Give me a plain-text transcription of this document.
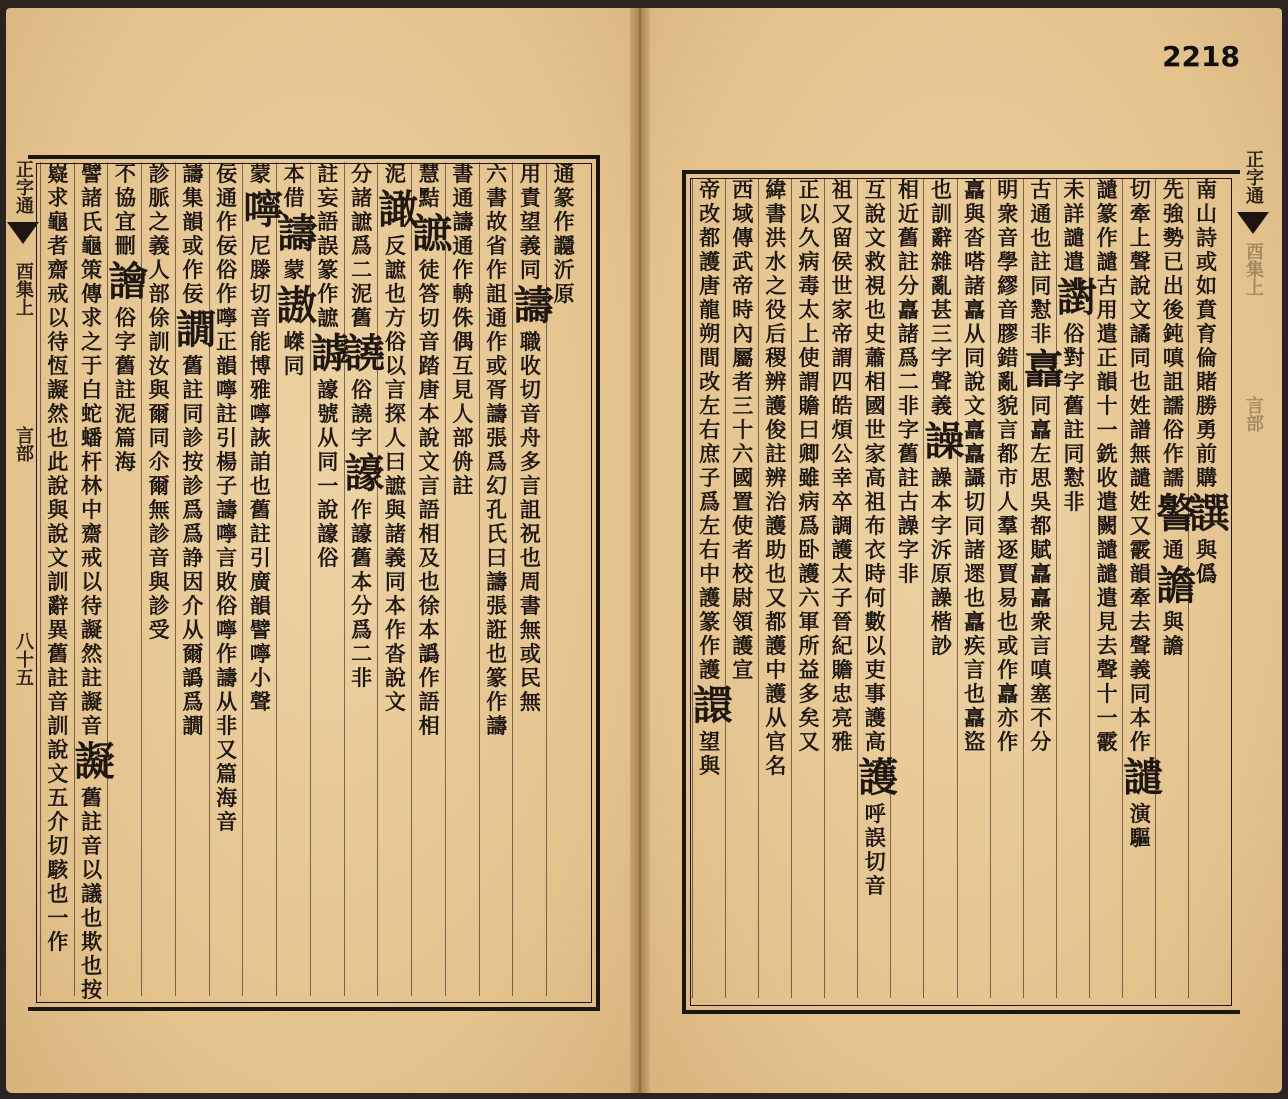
2218
正字通
酉集上
言部
八十五
通
篆
作
讔
沂
原
用
責
望
義
同
譸
職
收
切
音
舟
多
言
詛
祝
也
周
書
無
或
民
無
六
書
故
省
作
詛
通
作
或
胥
譸
張
爲
幻
孔
氏
曰
譸
張
誑
也
篆
作
譸
書
通
譸
通
作
輈
侏
偶
互
見
人
部
侜
註
慧
黠
謶
徒
答
切
音
踏
唐
本
說
文
言
語
相
及
也
徐
本
譌
作
語
相
泥
譀
反
謶
也
方
俗
以
言
探
人
曰
謶
與
諸
義
同
本
作
沓
說
文
分
諸
謶
爲
二
泥
舊
譊
俗
譊
字
譹
作
譹
舊
本
分
爲
二
非
註
妄
語
誤
篆
作
謶
謼
譹
號
从
同
一
說
譹
俗
本
借
譸
蒙
謸
嵥
同
蒙
嚀
尼
滕
切
音
能
博
雅
嚀
詼
詯
也
舊
註
引
廣
韻
譬
嚀
小
聲
佞
通
作
佞
俗
作
嚀
正
韻
嚀
註
引
楊
子
譸
嚀
言
敗
俗
嚀
作
譸
从
非
又
篇
海
音
譸
集
韻
或
作
佞
譋
舊
註
同
診
按
診
爲
爲
諍
因
介
从
爾
譌
爲
譋
診
脈
之
義
人
部
俆
訓
汝
與
爾
同
尒
爾
無
診
音
與
診
受
不
協
宜
刪
譮
俗
字
舊
註
泥
篇
海
譬
諸
氏
龜
策
傳
求
之
于
白
蛇
蟠
杆
林
中
齋
戒
以
待
譺
然
註
譺
音
譺
舊
註
音
以
議
也
欺
也
按
嶷
求
龜
者
齋
戒
以
待
恆
譺
然
也
此
說
與
說
文
訓
辭
異
舊
註
音
訓
說
文
五
介
切
駭
也
一
作
正字通
酉集上
言部
南
山
詩
或
如
賁
育
倫
賭
勝
勇
前
購
譔
與
僞
先
強
勢
已
出
後
鈍
嗔
詛
譳
俗
作
譳
譥
通
譫
與
譫
切
牽
上
聲
說
文
譎
同
也
姓
譜
無
譴
姓
又
霰
韻
牽
去
聲
義
同
本
作
譴
演
驅
譴
篆
作
譴
古
用
遣
正
韻
十
一
銑
收
遣
闕
譴
譴
遣
見
去
聲
十
一
霰
未
詳
譴
遣
譵
俗
對
字
舊
註
同
懟
非
古
通
也
註
同
懟
非
譶
同
譶
左
思
吳
都
賦
譶
譶
衆
言
嗔
塞
不
分
明
衆
音
學
繆
音
膠
錯
亂
貌
言
都
市
人
羣
逐
賈
易
也
或
作
譶
亦
作
譶
與
沓
嗒
諸
譶
从
同
說
文
譶
譶
讘
切
同
諸
遝
也
譶
疾
言
也
譶
盜
也
訓
辭
雜
亂
甚
三
字
聲
義
譟
譟
本
字
泝
原
譟
楷
訬
相
近
舊
註
分
譶
諸
爲
二
非
字
舊
註
古
譟
字
非
互
說
文
救
視
也
史
蕭
相
國
世
家
高
祖
布
衣
時
何
數
以
吏
事
護
高
護
呼
誤
切
音
祖
又
留
侯
世
家
帝
謂
四
皓
煩
公
幸
卒
調
護
太
子
晉
紀
贍
忠
亮
雅
正
以
久
病
毒
太
上
使
謂
贍
曰
卿
雖
病
爲
卧
護
六
軍
所
益
多
矣
又
緯
書
洪
水
之
役
后
稷
辨
護
俊
註
辨
治
護
助
也
又
都
護
中
護
从
官
名
西
域
傳
武
帝
時
內
屬
者
三
十
六
國
置
使
者
校
尉
領
護
宣
帝
改
都
護
唐
龍
朔
間
改
左
右
庶
子
爲
左
右
中
護
篆
作
護
譞
望
與
